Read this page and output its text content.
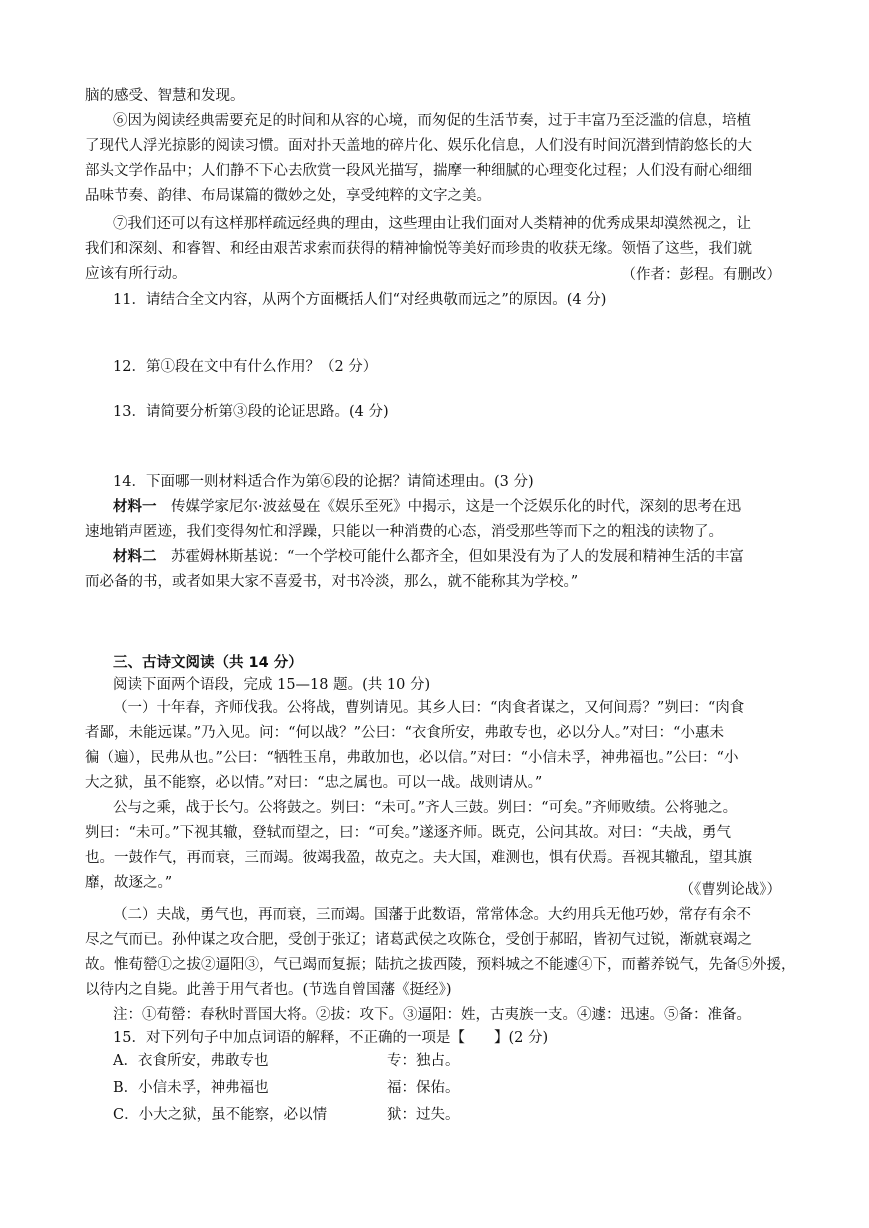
脑的感受、智慧和发现。
⑥因为阅读经典需要充足的时间和从容的心境，而匆促的生活节奏，过于丰富乃至泛滥的信息，培植
了现代人浮光掠影的阅读习惯。面对扑天盖地的碎片化、娱乐化信息，人们没有时间沉潜到情韵悠长的大
部头文学作品中；人们静不下心去欣赏一段风光描写，揣摩一种细腻的心理变化过程；人们没有耐心细细
品味节奏、韵律、布局谋篇的微妙之处，享受纯粹的文字之美。
⑦我们还可以有这样那样疏远经典的理由，这些理由让我们面对人类精神的优秀成果却漠然视之，让
我们和深刻、和睿智、和经由艰苦求索而获得的精神愉悦等美好而珍贵的收获无缘。领悟了这些，我们就
应该有所行动。	（作者：彭程。有删改）
11．请结合全文内容，从两个方面概括人们“对经典敬而远之”的原因。(4 分)
12．第①段在文中有什么作用？（2 分）
13．请简要分析第③段的论证思路。(4 分)
14．下面哪一则材料适合作为第⑥段的论据？请简述理由。(3 分)
材料一　 传媒学家尼尔·波兹曼在《娱乐至死》中揭示，这是一个泛娱乐化的时代，深刻的思考在迅
速地销声匿迹，我们变得匆忙和浮躁，只能以一种消费的心态，消受那些等而下之的粗浅的读物了。
材料二　 苏霍姆林斯基说：“一个学校可能什么都齐全，但如果没有为了人的发展和精神生活的丰富
而必备的书，或者如果大家不喜爱书，对书冷淡，那么，就不能称其为学校。”
三、古诗文阅读（共 14 分）
阅读下面两个语段，完成 15—18 题。(共 10 分)
（一）十年春，齐师伐我。公将战，曹刿请见。其乡人曰：“肉食者谋之，又何间焉？”刿曰：“肉食
者鄙，未能远谋。”乃入见。问：“何以战？”公曰：“衣食所安，弗敢专也，必以分人。”对曰：“小惠未
徧（遍），民弗从也。”公曰：“牺牲玉帛，弗敢加也，必以信。”对曰：“小信未孚，神弗福也。”公曰：“小
大之狱，虽不能察，必以情。”对曰：“忠之属也。可以一战。战则请从。”
公与之乘，战于长勺。公将鼓之。刿曰：“未可。”齐人三鼓。刿曰：“可矣。”齐师败绩。公将驰之。
刿曰：“未可。”下视其辙，登轼而望之，曰：“可矣。”遂逐齐师。既克，公问其故。对曰：“夫战，勇气
也。一鼓作气，再而衰，三而竭。彼竭我盈，故克之。夫大国，难测也，惧有伏焉。吾视其辙乱，望其旗
靡，故逐之。”	（《曹刿论战》）
（二）夫战，勇气也，再而衰，三而竭。国藩于此数语，常常体念。大约用兵无他巧妙，常存有余不
尽之气而已。孙仲谋之攻合肥，受创于张辽；诸葛武侯之攻陈仓，受创于郝昭，皆初气过锐，渐就衰竭之
故。惟荀罃①之拔②逼阳③，气已竭而复振；陆抗之拔西陵，预料城之不能遽④下，而蓄养锐气，先备⑤外援，
以待内之自毙。此善于用气者也。(节选自曾国藩《挺经》)
注：①荀罃：春秋时晋国大将。②拔：攻下。③逼阳：姓，古夷族一支。④遽：迅速。⑤备：准备。
15．对下列句子中加点词语的解释，不正确的一项是【　　】(2 分)
A．衣食所安，弗敢专也	专：独占。
B．小信未孚，神弗福也	福：保佑。
C．小大之狱，虽不能察，必以情	狱：过失。
